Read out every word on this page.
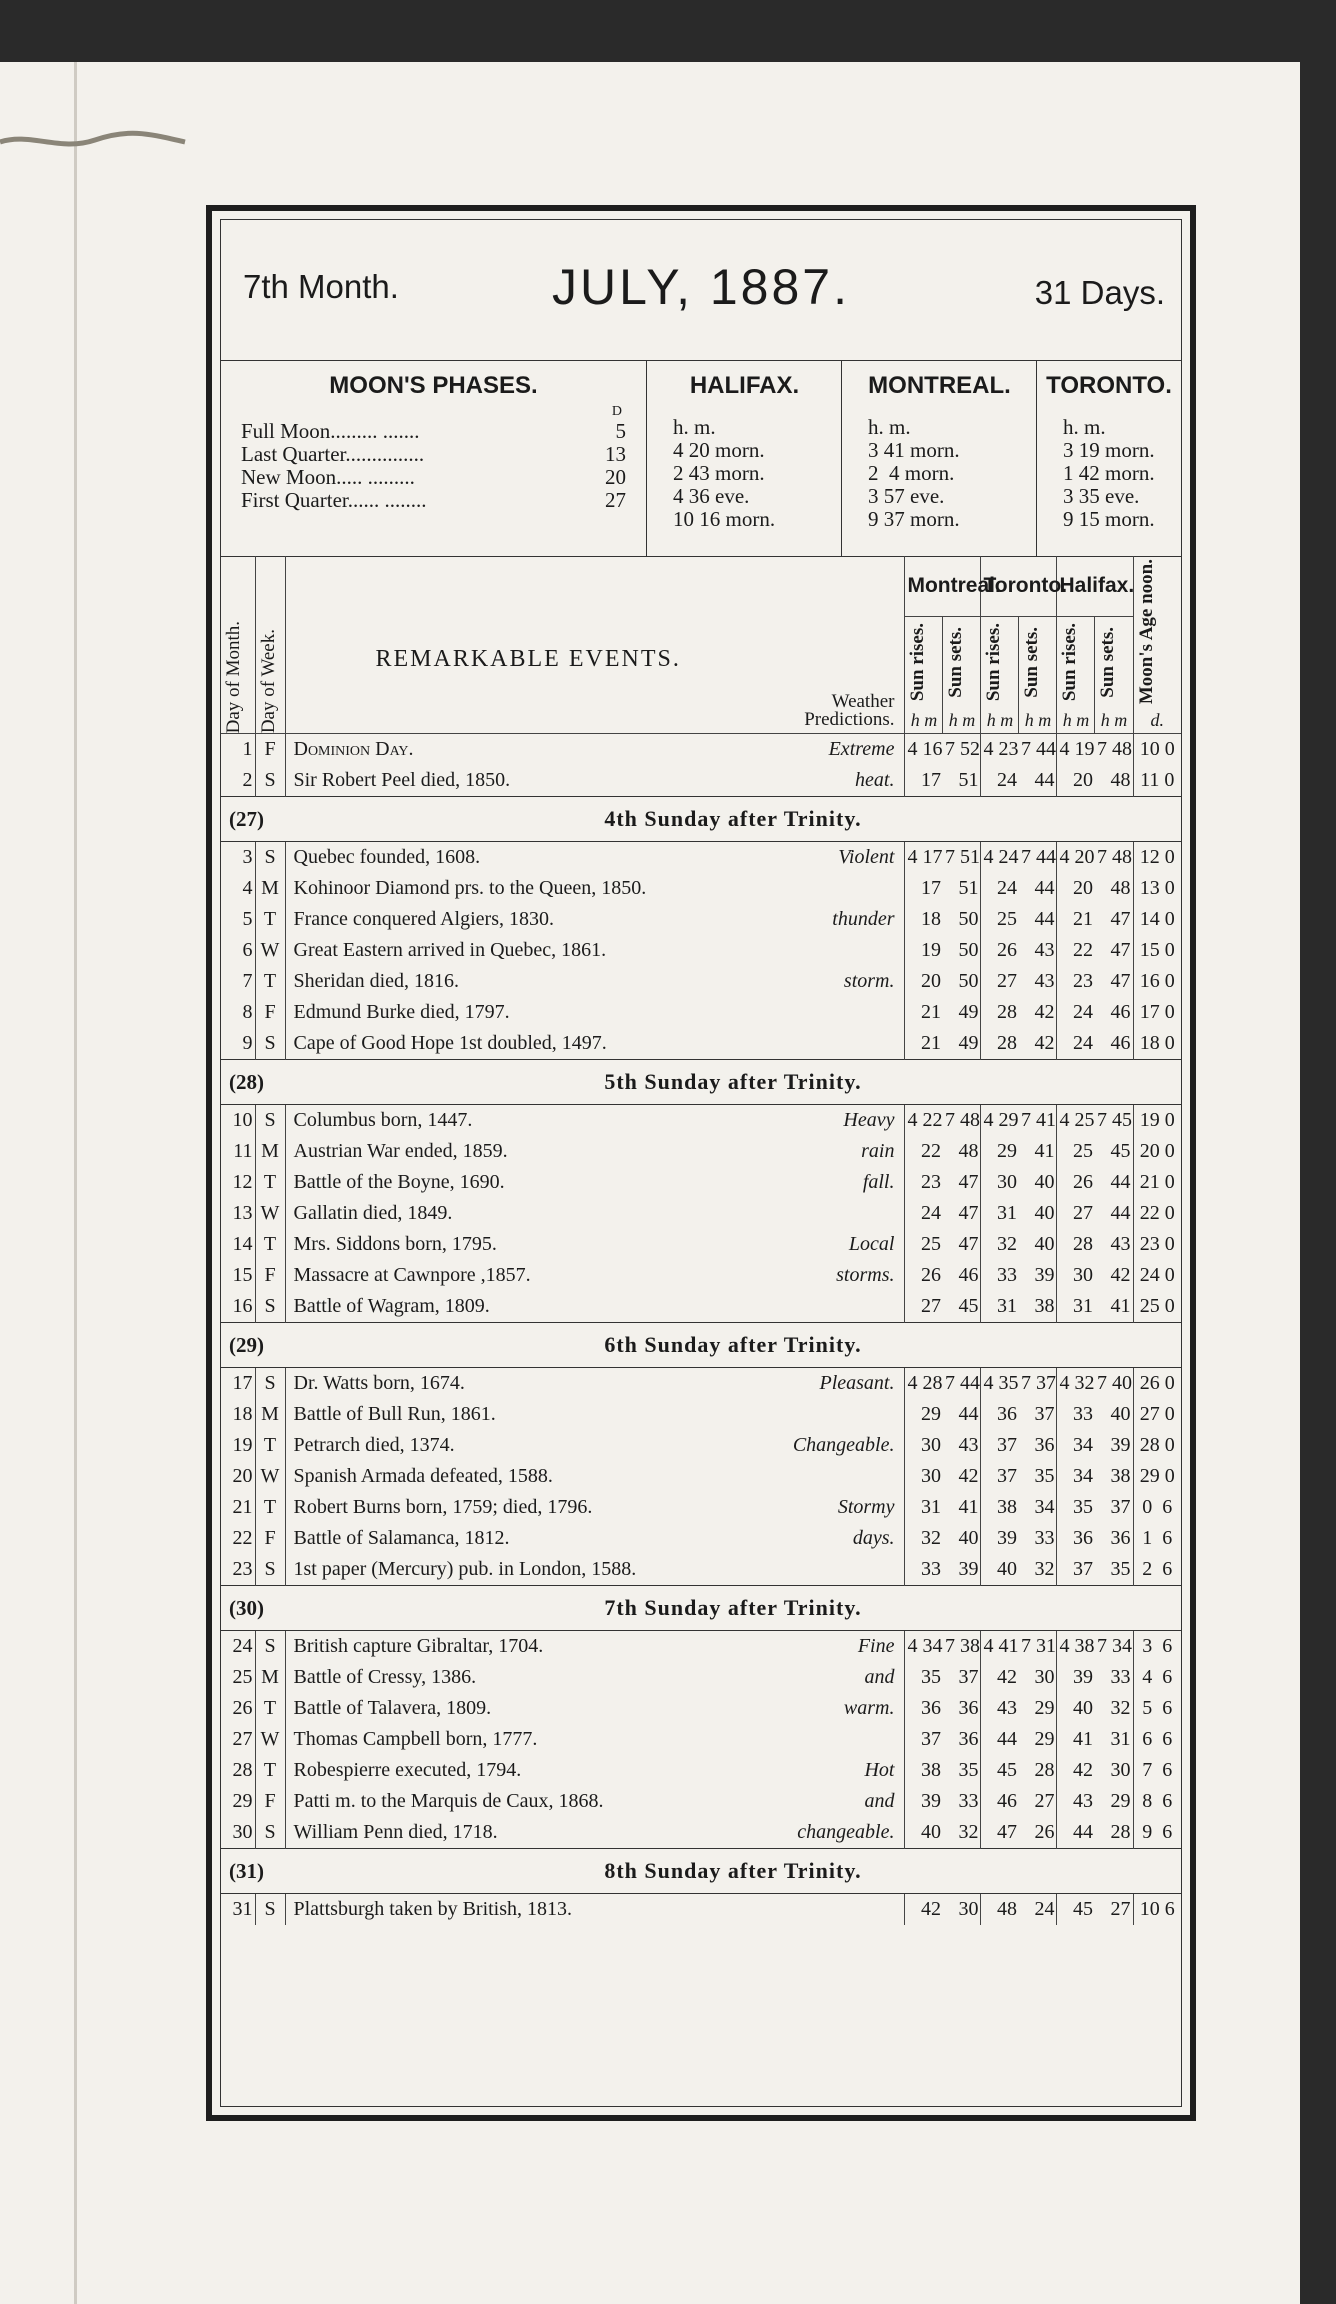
7th Month.	JULY, 1887.	31 Days.
MOON'S PHASES.
D
Full Moon......... .......	5
Last Quarter...............	13
New Moon..... .........	20
First Quarter...... ........	27
HALIFAX.
h. m.
4 20 morn.
2 43 morn.
4 36 eve.
10 16 morn.
MONTREAL.
h. m.
3 41 morn.
2  4 morn.
3 57 eve.
9 37 morn.
TORONTO.
h. m.
3 19 morn.
1 42 morn.
3 35 eve.
9 15 morn.
Day of Month.	Day of Week.	REMARKABLE EVENTS.
Weather Predictions.		Montreal.		Toronto.		Halifax.		Moon's Age noon.

				Sun rises.	Sun sets.	Sun rises.	Sun sets.	Sun rises.	Sun sets.	

				h m	h m	h m	h m	h m	h m	d.
1	F	Dominion Day.	Extreme	4 16	7 52	4 23	7 44	4 19	7 48	10 0
2	S	Sir Robert Peel died, 1850.	heat.	17	51	24	44	20	48	11 0
(27)		4th Sunday after Trinity.								
3	S	Quebec founded, 1608.	Violent	4 17	7 51	4 24	7 44	4 20	7 48	12 0
4	M	Kohinoor Diamond prs. to the Queen, 1850.		17	51	24	44	20	48	13 0
5	T	France conquered Algiers, 1830.	thunder	18	50	25	44	21	47	14 0
6	W	Great Eastern arrived in Quebec, 1861.		19	50	26	43	22	47	15 0
7	T	Sheridan died, 1816.	storm.	20	50	27	43	23	47	16 0
8	F	Edmund Burke died, 1797.		21	49	28	42	24	46	17 0
9	S	Cape of Good Hope 1st doubled, 1497.		21	49	28	42	24	46	18 0
(28)		5th Sunday after Trinity.								
10	S	Columbus born, 1447.	Heavy	4 22	7 48	4 29	7 41	4 25	7 45	19 0
11	M	Austrian War ended, 1859.	rain	22	48	29	41	25	45	20 0
12	T	Battle of the Boyne, 1690.	fall.	23	47	30	40	26	44	21 0
13	W	Gallatin died, 1849.		24	47	31	40	27	44	22 0
14	T	Mrs. Siddons born, 1795.	Local	25	47	32	40	28	43	23 0
15	F	Massacre at Cawnpore ,1857.	storms.	26	46	33	39	30	42	24 0
16	S	Battle of Wagram, 1809.		27	45	31	38	31	41	25 0
(29)		6th Sunday after Trinity.								
17	S	Dr. Watts born, 1674.	Pleasant.	4 28	7 44	4 35	7 37	4 32	7 40	26 0
18	M	Battle of Bull Run, 1861.		29	44	36	37	33	40	27 0
19	T	Petrarch died, 1374.	Changeable.	30	43	37	36	34	39	28 0
20	W	Spanish Armada defeated, 1588.		30	42	37	35	34	38	29 0
21	T	Robert Burns born, 1759; died, 1796.	Stormy	31	41	38	34	35	37	0  6
22	F	Battle of Salamanca, 1812.	days.	32	40	39	33	36	36	1  6
23	S	1st paper (Mercury) pub. in London, 1588.		33	39	40	32	37	35	2  6
(30)		7th Sunday after Trinity.								
24	S	British capture Gibraltar, 1704.	Fine	4 34	7 38	4 41	7 31	4 38	7 34	3  6
25	M	Battle of Cressy, 1386.	and	35	37	42	30	39	33	4  6
26	T	Battle of Talavera, 1809.	warm.	36	36	43	29	40	32	5  6
27	W	Thomas Campbell born, 1777.		37	36	44	29	41	31	6  6
28	T	Robespierre executed, 1794.	Hot	38	35	45	28	42	30	7  6
29	F	Patti m. to the Marquis de Caux, 1868.	and	39	33	46	27	43	29	8  6
30	S	William Penn died, 1718.	changeable.	40	32	47	26	44	28	9  6
(31)		8th Sunday after Trinity.								
31	S	Plattsburgh taken by British, 1813.		42	30	48	24	45	27	10 6
